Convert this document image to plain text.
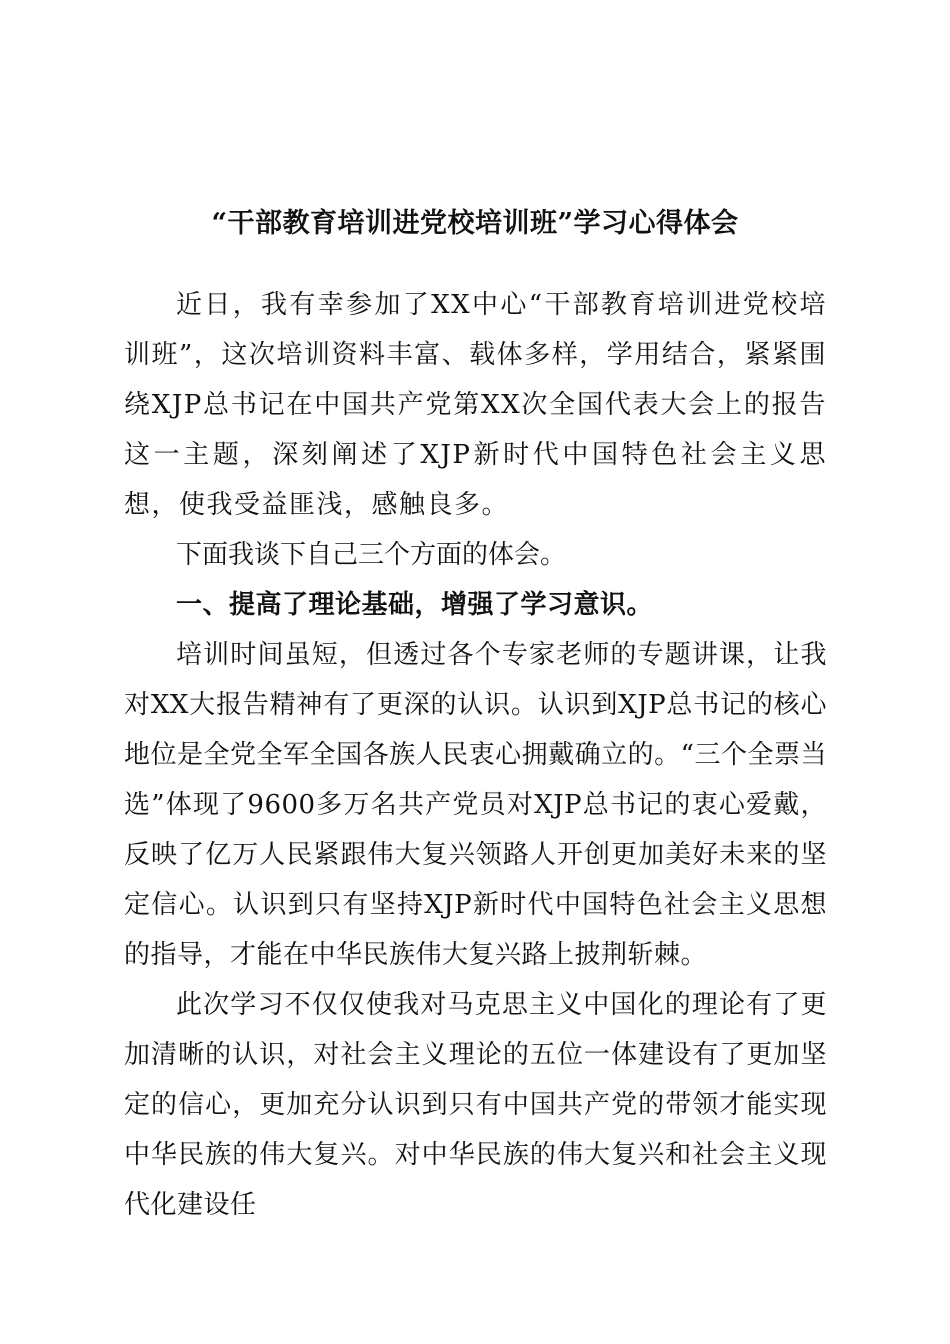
“干部教育培训进党校培训班”学习心得体会

近日，我有幸参加了XX中心“干部教育培训进党校培训班”，这次培训资料丰富、载体多样，学用结合，紧紧围绕XJP总书记在中国共产党第XX次全国代表大会上的报告这一主题，深刻阐述了XJP新时代中国特色社会主义思想，使我受益匪浅，感触良多。

下面我谈下自己三个方面的体会。

一、提高了理论基础，增强了学习意识。

培训时间虽短，但透过各个专家老师的专题讲课，让我对XX大报告精神有了更深的认识。认识到XJP总书记的核心地位是全党全军全国各族人民衷心拥戴确立的。“三个全票当选”体现了9600多万名共产党员对XJP总书记的衷心爱戴，反映了亿万人民紧跟伟大复兴领路人开创更加美好未来的坚定信心。认识到只有坚持XJP新时代中国特色社会主义思想的指导，才能在中华民族伟大复兴路上披荆斩棘。

此次学习不仅仅使我对马克思主义中国化的理论有了更加清晰的认识，对社会主义理论的五位一体建设有了更加坚定的信心，更加充分认识到只有中国共产党的带领才能实现中华民族的伟大复兴。对中华民族的伟大复兴和社会主义现代化建设任
